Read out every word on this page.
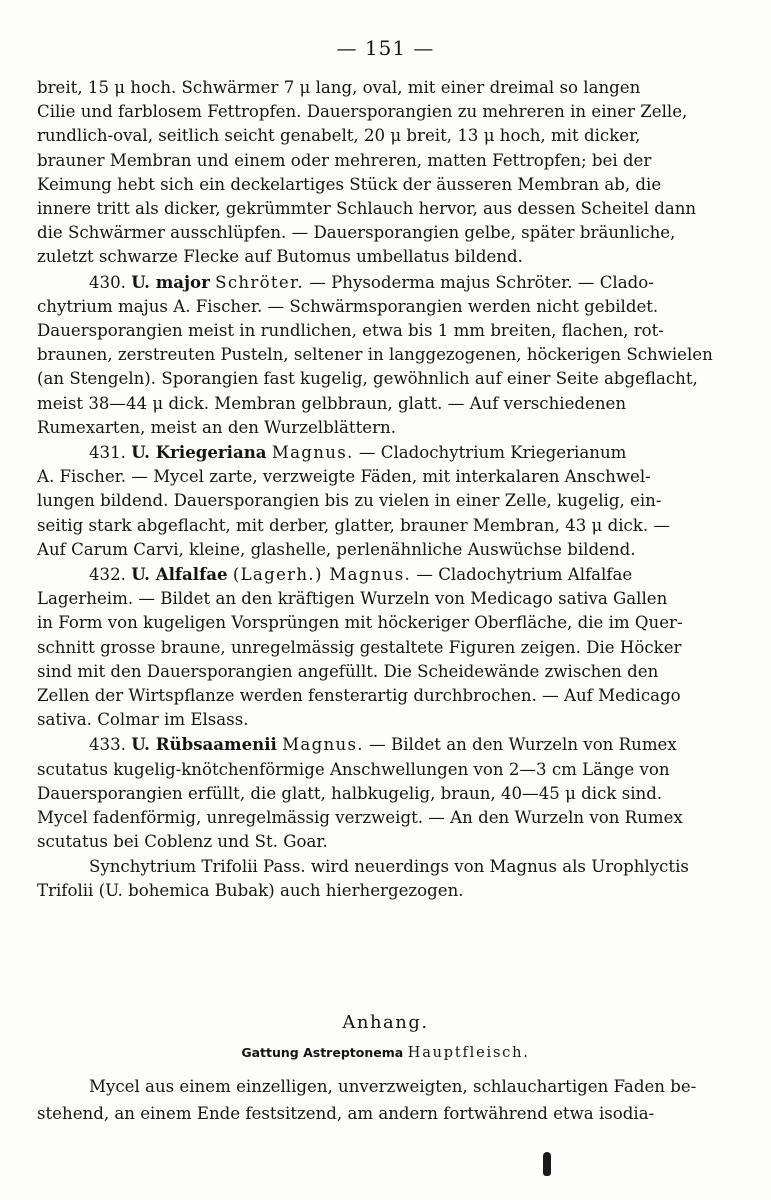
— 151 —

breit, 15 μ hoch. Schwärmer 7 μ lang, oval, mit einer dreimal so langen
Cilie und farblosem Fettropfen. Dauersporangien zu mehreren in einer Zelle,
rundlich-oval, seitlich seicht genabelt, 20 μ breit, 13 μ hoch, mit dicker,
brauner Membran und einem oder mehreren, matten Fettropfen; bei der
Keimung hebt sich ein deckelartiges Stück der äusseren Membran ab, die
innere tritt als dicker, gekrümmter Schlauch hervor, aus dessen Scheitel dann
die Schwärmer ausschlüpfen. — Dauersporangien gelbe, später bräunliche,
zuletzt schwarze Flecke auf Butomus umbellatus bildend.

430. U. major Schröter. — Physoderma majus Schröter. — Clado-
chytrium majus A. Fischer. — Schwärmsporangien werden nicht gebildet.
Dauersporangien meist in rundlichen, etwa bis 1 mm breiten, flachen, rot-
braunen, zerstreuten Pusteln, seltener in langgezogenen, höckerigen Schwielen
(an Stengeln). Sporangien fast kugelig, gewöhnlich auf einer Seite abgeflacht,
meist 38—44 μ dick. Membran gelbbraun, glatt. — Auf verschiedenen
Rumexarten, meist an den Wurzelblättern.

431. U. Kriegeriana Magnus. — Cladochytrium Kriegerianum
A. Fischer. — Mycel zarte, verzweigte Fäden, mit interkalaren Anschwel-
lungen bildend. Dauersporangien bis zu vielen in einer Zelle, kugelig, ein-
seitig stark abgeflacht, mit derber, glatter, brauner Membran, 43 μ dick. —
Auf Carum Carvi, kleine, glashelle, perlenähnliche Auswüchse bildend.

432. U. Alfalfae (Lagerh.) Magnus. — Cladochytrium Alfalfae
Lagerheim. — Bildet an den kräftigen Wurzeln von Medicago sativa Gallen
in Form von kugeligen Vorsprüngen mit höckeriger Oberfläche, die im Quer-
schnitt grosse braune, unregelmässig gestaltete Figuren zeigen. Die Höcker
sind mit den Dauersporangien angefüllt. Die Scheidewände zwischen den
Zellen der Wirtspflanze werden fensterartig durchbrochen. — Auf Medicago
sativa. Colmar im Elsass.

433. U. Rübsaamenii Magnus. — Bildet an den Wurzeln von Rumex
scutatus kugelig-knötchenförmige Anschwellungen von 2—3 cm Länge von
Dauersporangien erfüllt, die glatt, halbkugelig, braun, 40—45 μ dick sind.
Mycel fadenförmig, unregelmässig verzweigt. — An den Wurzeln von Rumex
scutatus bei Coblenz und St. Goar.

Synchytrium Trifolii Pass. wird neuerdings von Magnus als Urophlyctis
Trifolii (U. bohemica Bubak) auch hierhergezogen.

Anhang.
Gattung Astreptonema Hauptfleisch.

Mycel aus einem einzelligen, unverzweigten, schlauchartigen Faden be-
stehend, an einem Ende festsitzend, am andern fortwährend etwa isodia-
